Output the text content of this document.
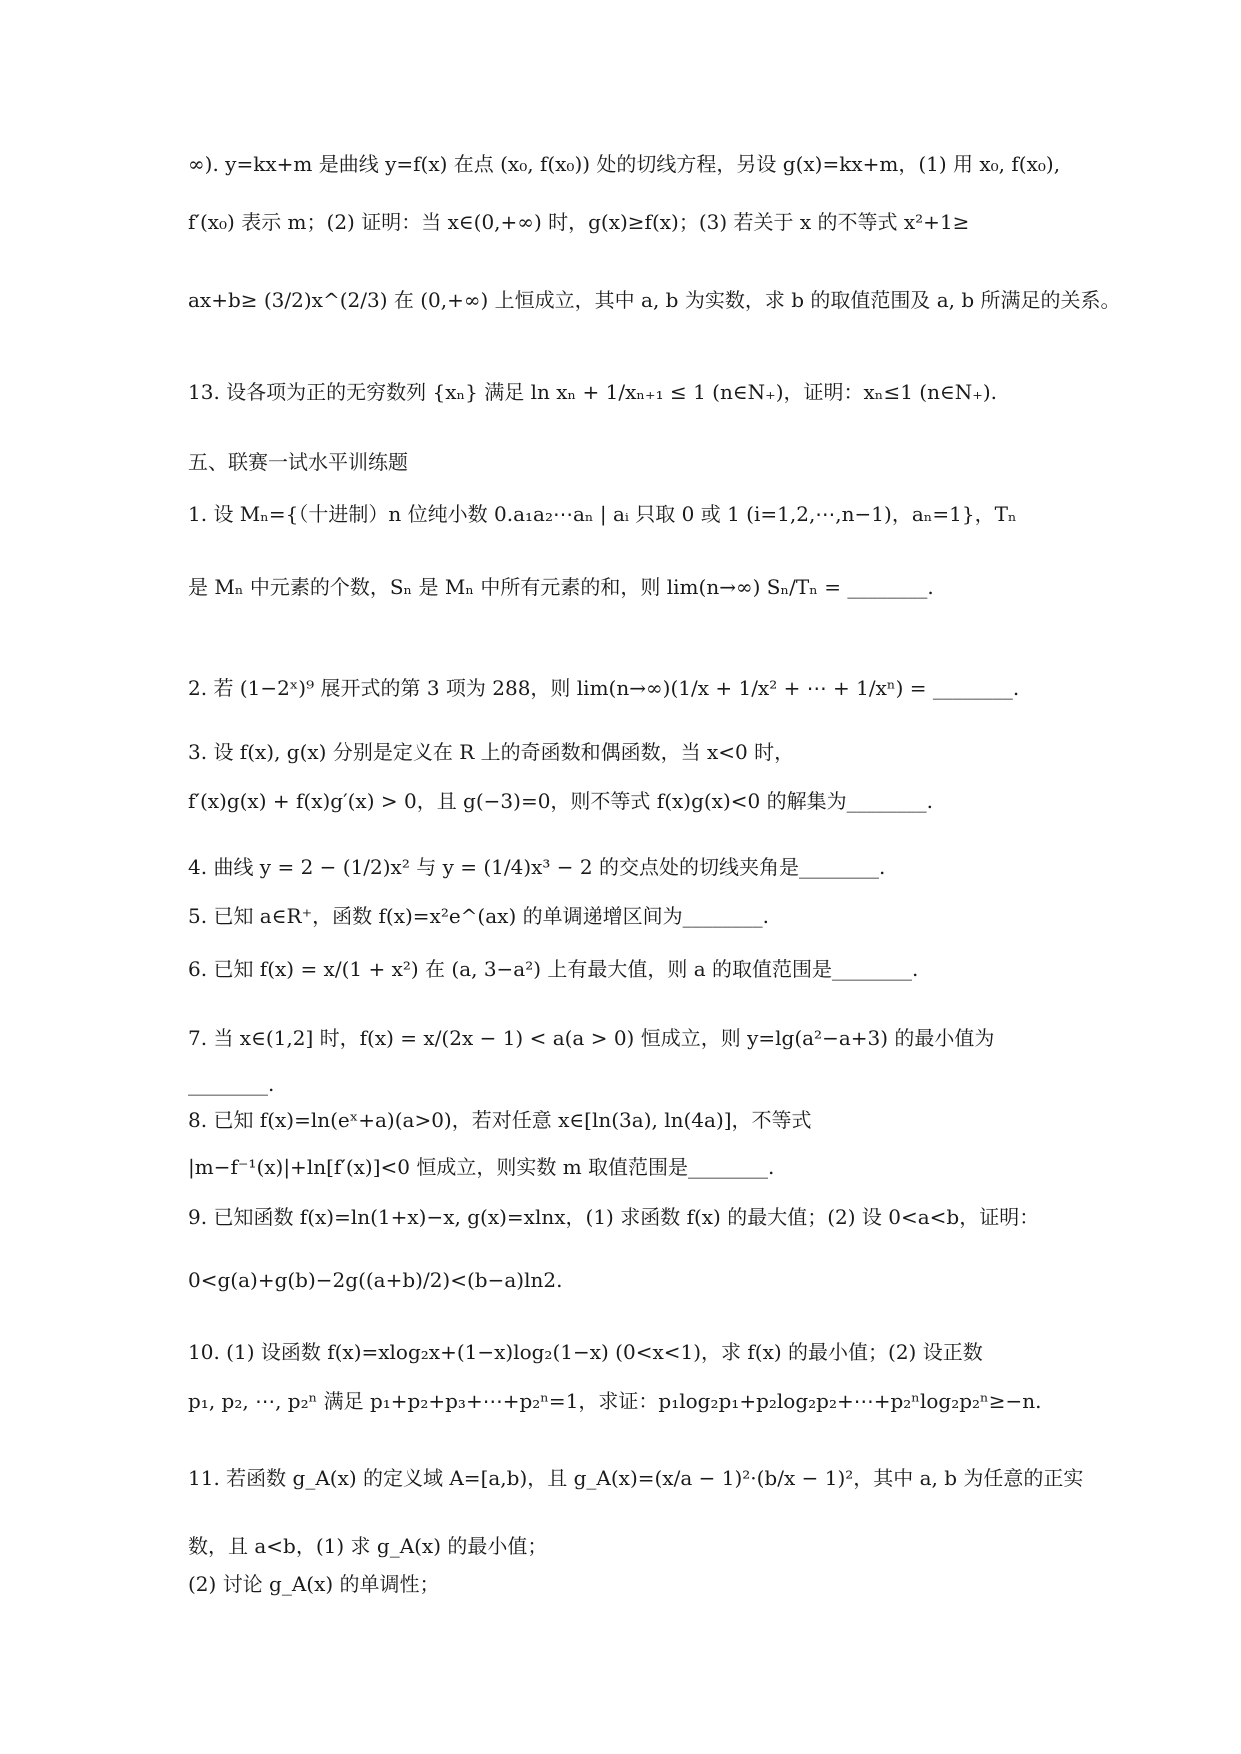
∞). y=kx+m 是曲线 y=f(x) 在点 (x₀, f(x₀)) 处的切线方程，另设 g(x)=kx+m，(1) 用 x₀, f(x₀),
f′(x₀) 表示 m；(2) 证明：当 x∈(0,+∞) 时，g(x)≥f(x)；(3) 若关于 x 的不等式 x²+1≥
ax+b≥ (3/2)x^(2/3) 在 (0,+∞) 上恒成立，其中 a, b 为实数，求 b 的取值范围及 a, b 所满足的关系。
13. 设各项为正的无穷数列 {xₙ} 满足 ln xₙ + 1/xₙ₊₁ ≤ 1 (n∈N₊)，证明：xₙ≤1 (n∈N₊).
五、联赛一试水平训练题
1. 设 Mₙ={（十进制）n 位纯小数 0.a₁a₂⋯aₙ | aᵢ 只取 0 或 1 (i=1,2,⋯,n−1)，aₙ=1}，Tₙ
是 Mₙ 中元素的个数，Sₙ 是 Mₙ 中所有元素的和，则 lim(n→∞) Sₙ/Tₙ = ________.
2. 若 (1−2ˣ)⁹ 展开式的第 3 项为 288，则 lim(n→∞)(1/x + 1/x² + ⋯ + 1/xⁿ) = ________.
3. 设 f(x), g(x) 分别是定义在 R 上的奇函数和偶函数，当 x<0 时，
f′(x)g(x) + f(x)g′(x) > 0，且 g(−3)=0，则不等式 f(x)g(x)<0 的解集为________.
4. 曲线 y = 2 − (1/2)x² 与 y = (1/4)x³ − 2 的交点处的切线夹角是________.
5. 已知 a∈R⁺，函数 f(x)=x²e^(ax) 的单调递增区间为________.
6. 已知 f(x) = x/(1 + x²) 在 (a, 3−a²) 上有最大值，则 a 的取值范围是________.
7. 当 x∈(1,2] 时，f(x) = x/(2x − 1) < a(a > 0) 恒成立，则 y=lg(a²−a+3) 的最小值为
________.
8. 已知 f(x)=ln(eˣ+a)(a>0)，若对任意 x∈[ln(3a), ln(4a)]，不等式
|m−f⁻¹(x)|+ln[f′(x)]<0 恒成立，则实数 m 取值范围是________.
9. 已知函数 f(x)=ln(1+x)−x, g(x)=xlnx，(1) 求函数 f(x) 的最大值；(2) 设 0<a<b，证明：
0<g(a)+g(b)−2g((a+b)/2)<(b−a)ln2.
10. (1) 设函数 f(x)=xlog₂x+(1−x)log₂(1−x) (0<x<1)，求 f(x) 的最小值；(2) 设正数
p₁, p₂, ⋯, p₂ⁿ 满足 p₁+p₂+p₃+⋯+p₂ⁿ=1，求证：p₁log₂p₁+p₂log₂p₂+⋯+p₂ⁿlog₂p₂ⁿ≥−n.
11. 若函数 g_A(x) 的定义域 A=[a,b)，且 g_A(x)=(x/a − 1)²·(b/x − 1)²，其中 a, b 为任意的正实
数，且 a<b，(1) 求 g_A(x) 的最小值；
(2) 讨论 g_A(x) 的单调性；
